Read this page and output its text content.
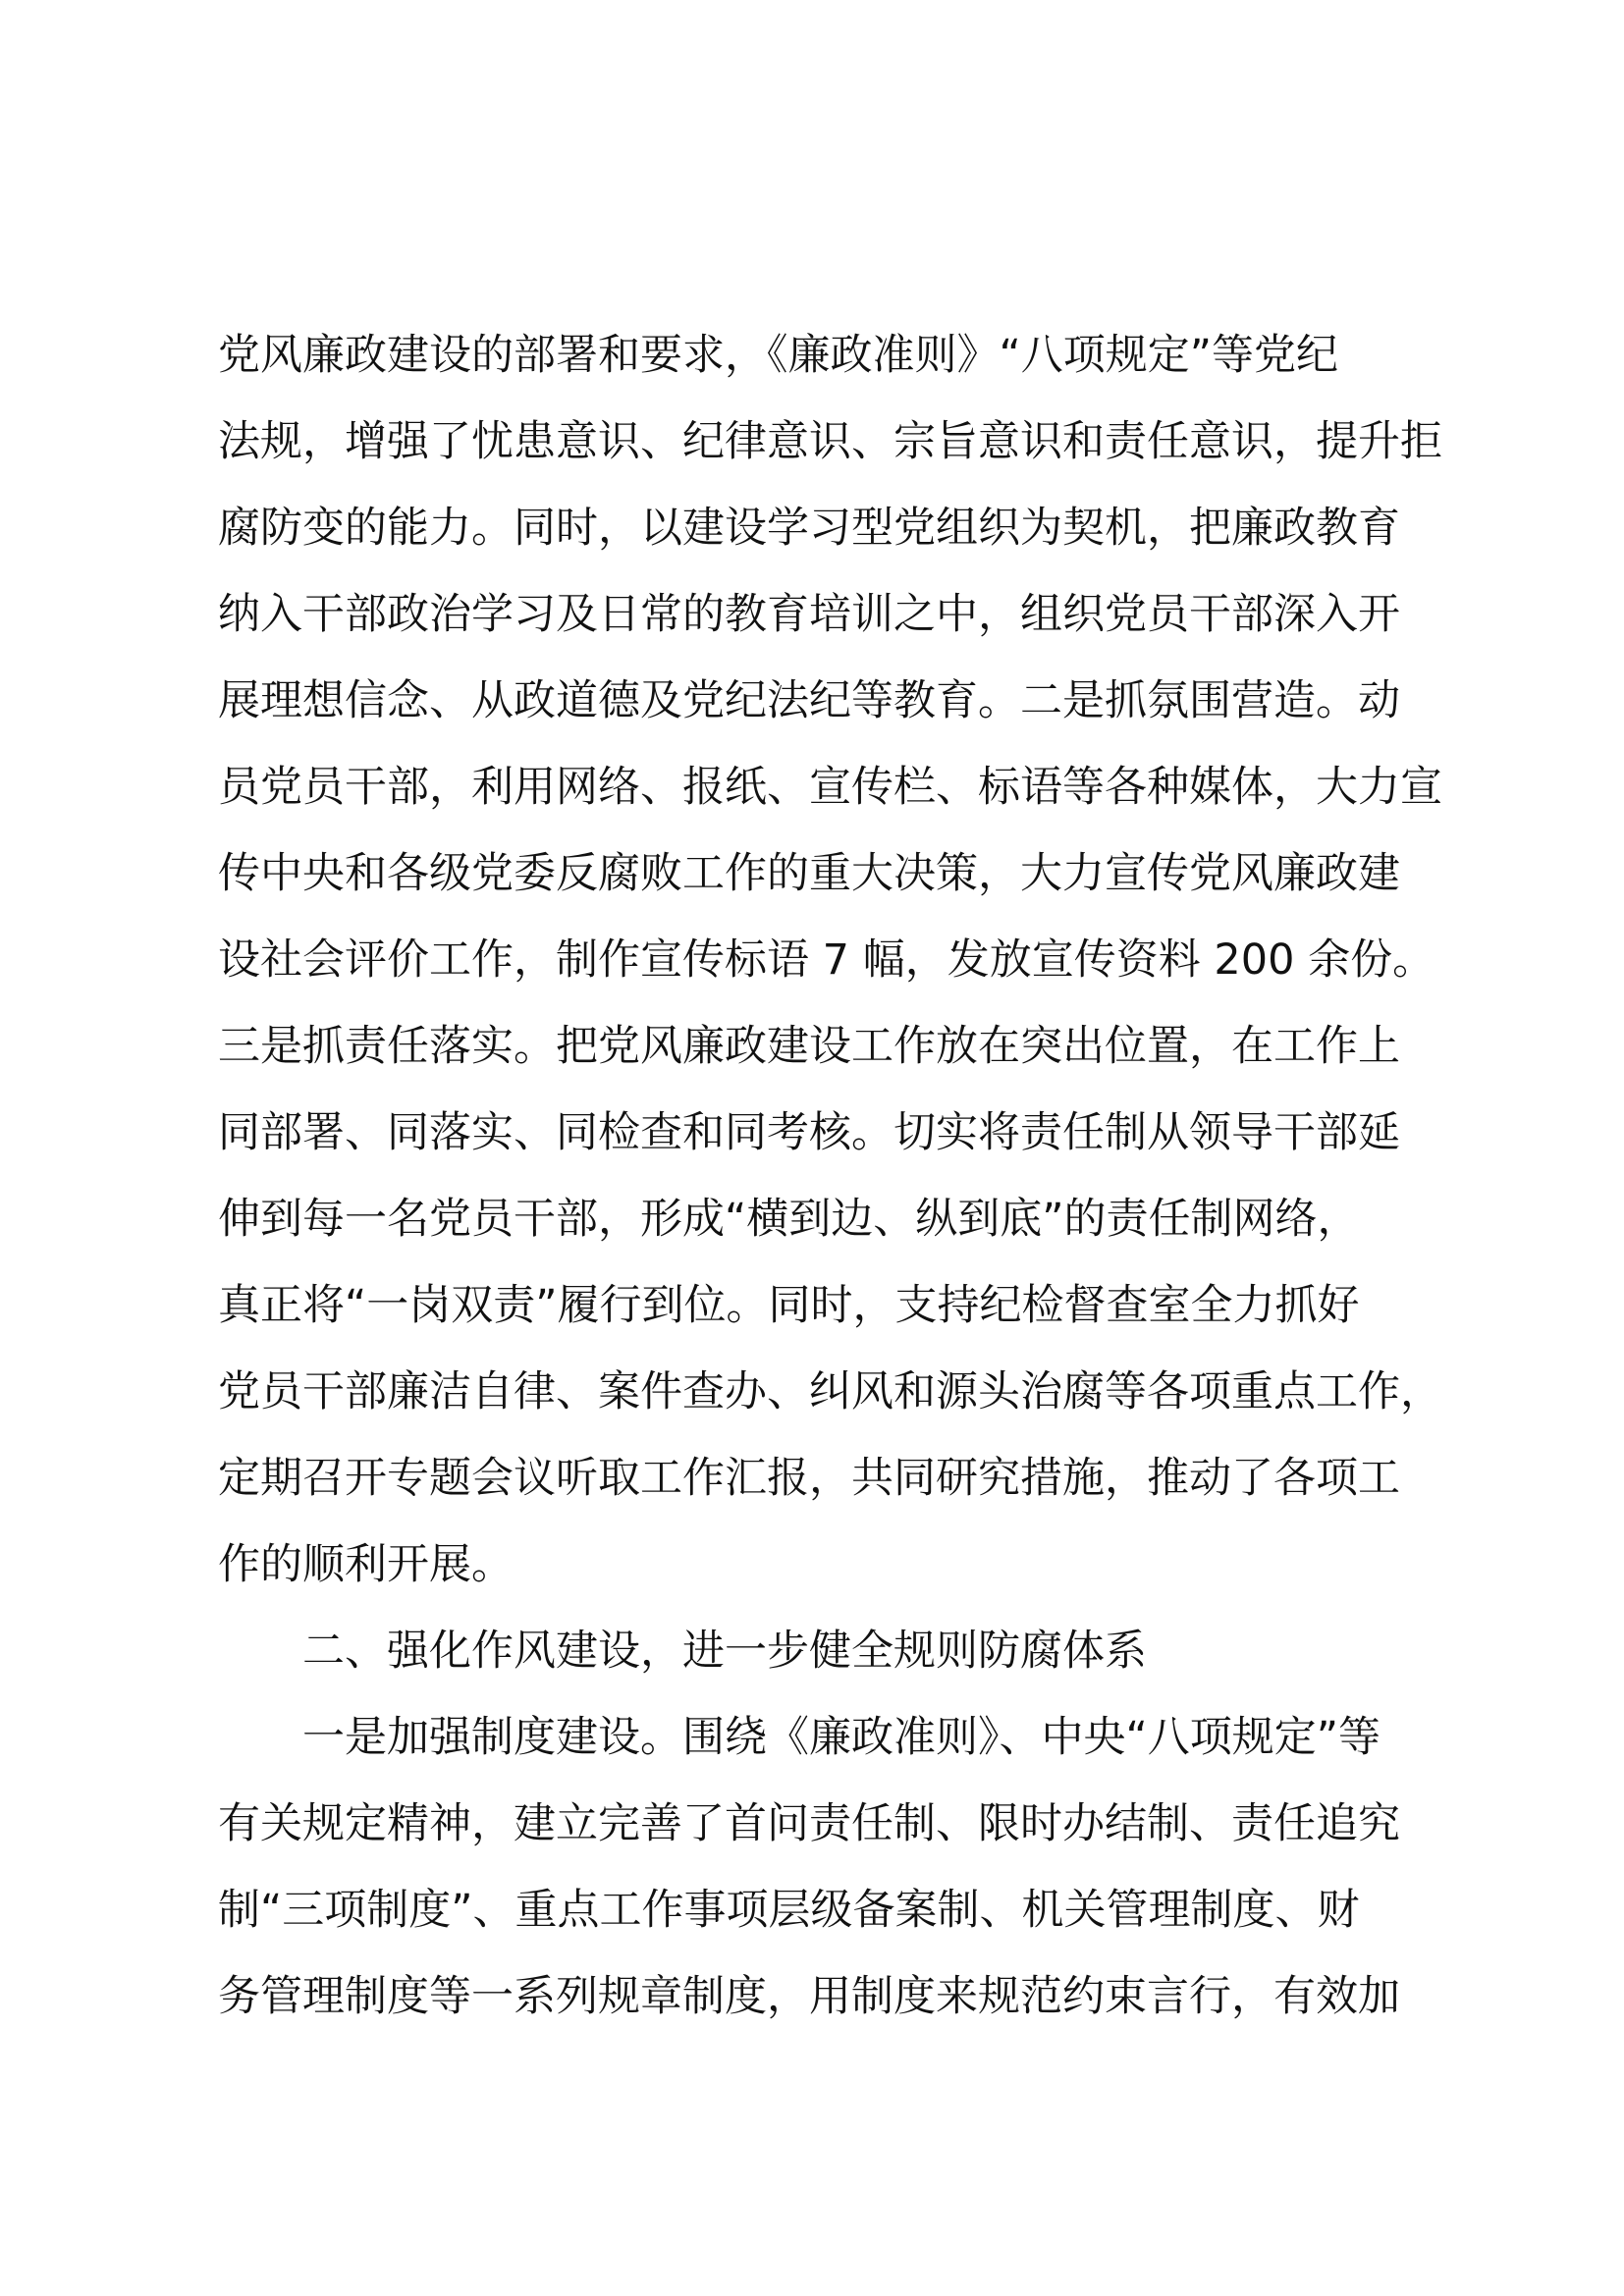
党风廉政建设的部署和要求，《廉政准则》“八项规定”等党纪
法规，增强了忧患意识、纪律意识、宗旨意识和责任意识，提升拒
腐防变的能力。同时，以建设学习型党组织为契机，把廉政教育
纳入干部政治学习及日常的教育培训之中，组织党员干部深入开
展理想信念、从政道德及党纪法纪等教育。二是抓氛围营造。动
员党员干部，利用网络、报纸、宣传栏、标语等各种媒体，大力宣
传中央和各级党委反腐败工作的重大决策，大力宣传党风廉政建
设社会评价工作，制作宣传标语 7 幅，发放宣传资料 200 余份。
三是抓责任落实。把党风廉政建设工作放在突出位置，在工作上
同部署、同落实、同检查和同考核。切实将责任制从领导干部延
伸到每一名党员干部，形成“横到边、纵到底”的责任制网络，
真正将“一岗双责”履行到位。同时，支持纪检督查室全力抓好
党员干部廉洁自律、案件查办、纠风和源头治腐等各项重点工作，
定期召开专题会议听取工作汇报，共同研究措施，推动了各项工
作的顺利开展。
二、强化作风建设，进一步健全规则防腐体系
一是加强制度建设。围绕《廉政准则》、中央“八项规定”等
有关规定精神，建立完善了首问责任制、限时办结制、责任追究
制“三项制度”、重点工作事项层级备案制、机关管理制度、财
务管理制度等一系列规章制度，用制度来规范约束言行，有效加
